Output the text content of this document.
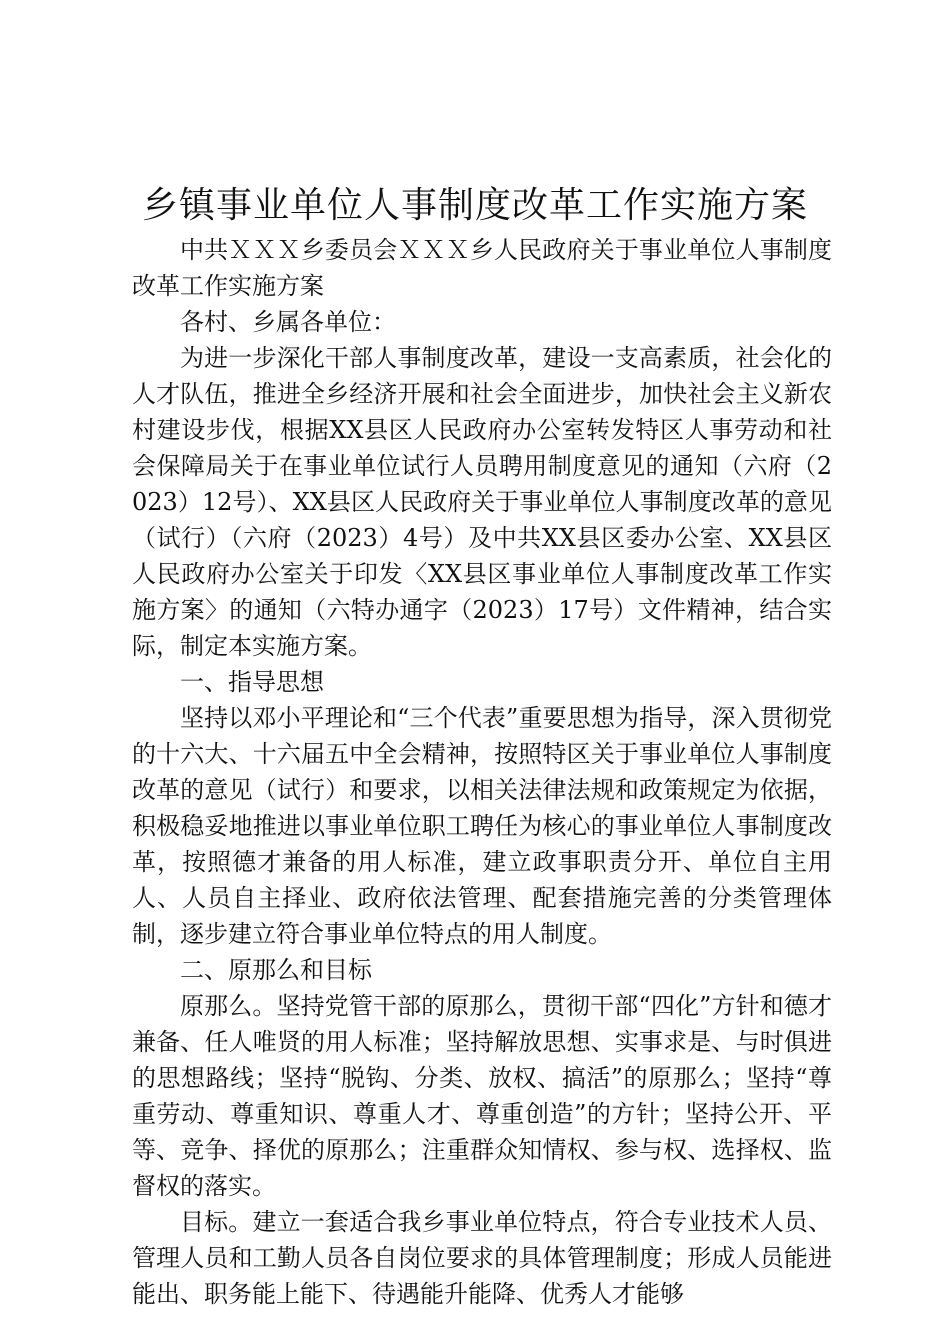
乡镇事业单位人事制度改革工作实施方案

中共ＸＸＸ乡委员会ＸＸＸ乡人民政府关于事业单位人事制度改革工作实施方案

各村、乡属各单位：

为进一步深化干部人事制度改革，建设一支高素质，社会化的人才队伍，推进全乡经济开展和社会全面进步，加快社会主义新农村建设步伐，根据XX县区人民政府办公室转发特区人事劳动和社会保障局关于在事业单位试行人员聘用制度意见的通知（六府（2023）12号）、XX县区人民政府关于事业单位人事制度改革的意见（试行）（六府（2023）4号）及中共XX县区委办公室、XX县区人民政府办公室关于印发〈XX县区事业单位人事制度改革工作实施方案〉的通知（六特办通字（2023）17号）文件精神，结合实际，制定本实施方案。

一、指导思想

坚持以邓小平理论和“三个代表”重要思想为指导，深入贯彻党的十六大、十六届五中全会精神，按照特区关于事业单位人事制度改革的意见（试行）和要求，以相关法律法规和政策规定为依据，积极稳妥地推进以事业单位职工聘任为核心的事业单位人事制度改革，按照德才兼备的用人标准，建立政事职责分开、单位自主用人、人员自主择业、政府依法管理、配套措施完善的分类管理体制，逐步建立符合事业单位特点的用人制度。

二、原那么和目标

原那么。坚持党管干部的原那么，贯彻干部“四化”方针和德才兼备、任人唯贤的用人标准；坚持解放思想、实事求是、与时俱进的思想路线；坚持“脱钩、分类、放权、搞活”的原那么；坚持“尊重劳动、尊重知识、尊重人才、尊重创造”的方针；坚持公开、平等、竞争、择优的原那么；注重群众知情权、参与权、选择权、监督权的落实。

目标。建立一套适合我乡事业单位特点，符合专业技术人员、管理人员和工勤人员各自岗位要求的具体管理制度；形成人员能进能出、职务能上能下、待遇能升能降、优秀人才能够
